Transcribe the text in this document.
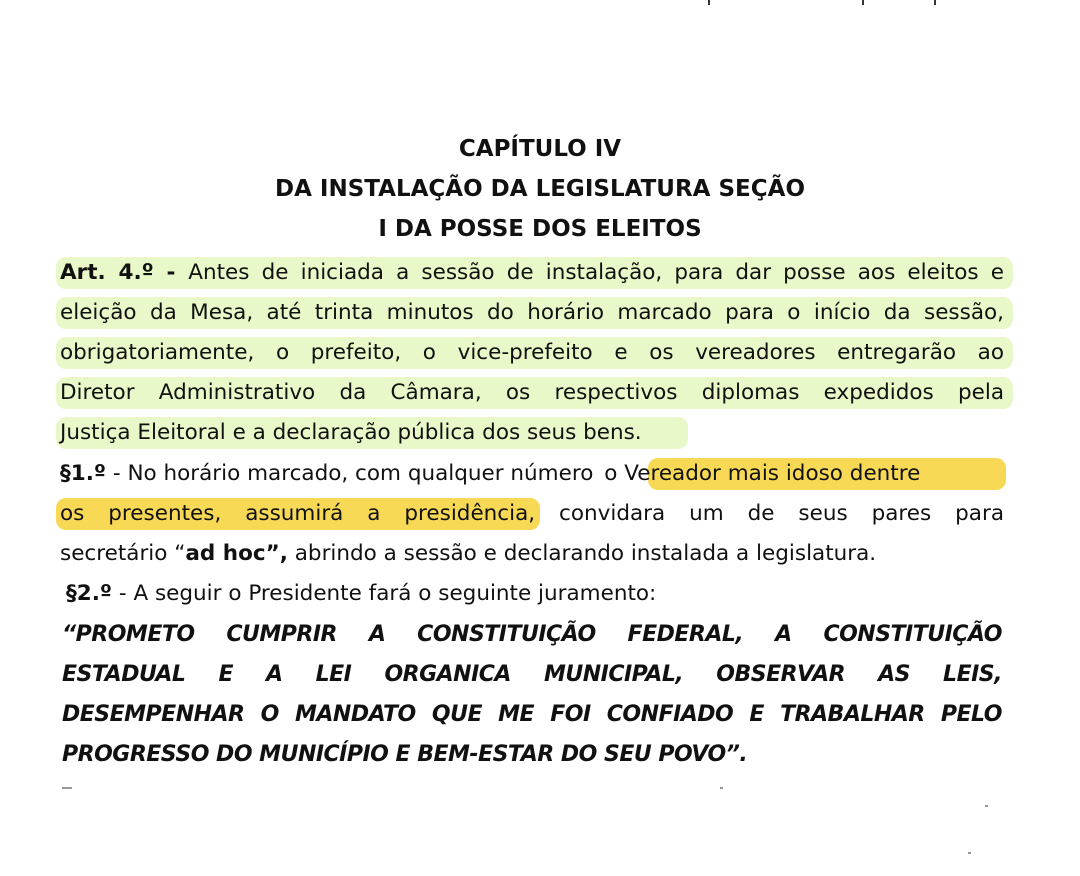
CAPÍTULO IV
DA INSTALAÇÃO DA LEGISLATURA SEÇÃO
I DA POSSE DOS ELEITOS
Art. 4.º - Antes de iniciada a sessão de instalação, para dar posse aos eleitos e
eleição da Mesa, até trinta minutos do horário marcado para o início da sessão,
obrigatoriamente, o prefeito, o vice-prefeito e os vereadores entregarão ao
Diretor Administrativo da Câmara, os respectivos diplomas expedidos pela
Justiça Eleitoral e a declaração pública dos seus bens.
§1.º - No horário marcado, com qualquer número o Vereador mais idoso dentre
os presentes, assumirá a presidência, convidara um de seus pares para
secretário “ad hoc”, abrindo a sessão e declarando instalada a legislatura.
§2.º - A seguir o Presidente fará o seguinte juramento:
“PROMETO CUMPRIR A CONSTITUIÇÃO FEDERAL, A CONSTITUIÇÃO
ESTADUAL E A LEI ORGANICA MUNICIPAL, OBSERVAR AS LEIS,
DESEMPENHAR O MANDATO QUE ME FOI CONFIADO E TRABALHAR PELO
PROGRESSO DO MUNICÍPIO E BEM-ESTAR DO SEU POVO”.
